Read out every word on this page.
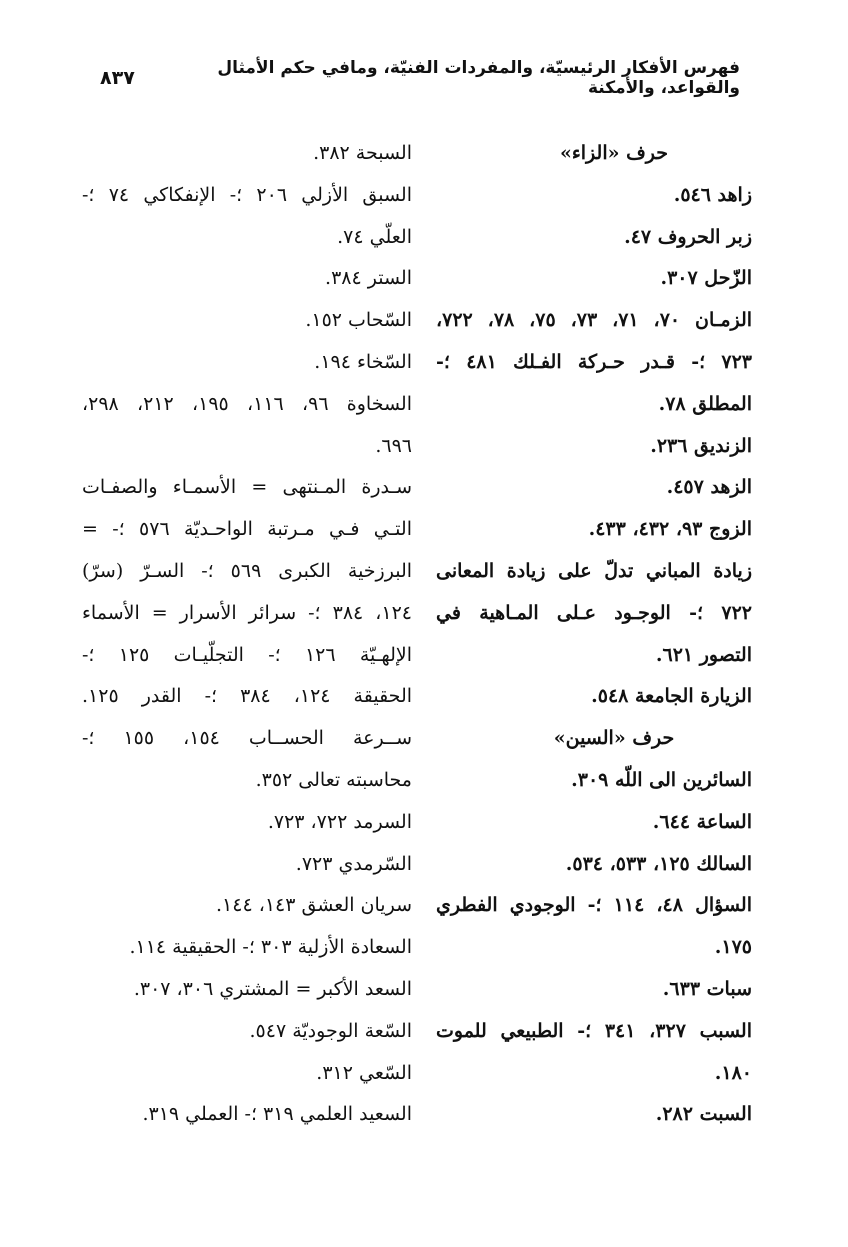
فهرس الأفكار الرئيسيّة، والمفردات الفنيّة، ومافي حكم الأمثال والقواعد، والأمكنة
٨٣٧
حرف «الزاء»
زاهد ٥٤٦.
زبر الحروف ٤٧.
الزّحل ٣٠٧.
الزمـان ٧٠، ٧١، ٧٣، ٧٥، ٧٨، ٧٢٢،
٧٢٣ ؛- قـدر حـركة الفـلك ٤٨١ ؛-
المطلق ٧٨.
الزنديق ٢٣٦.
الزهد ٤٥٧.
الزوج ٩٣، ٤٣٢، ٤٣٣.
زيادة المباني تدلّ على زيادة المعانى
٧٢٢ ؛- الوجـود عـلى المـاهية في
التصور ٦٢١.
الزيارة الجامعة ٥٤٨.
حرف «السين»
السائرين الى اللّه ٣٠٩.
الساعة ٦٤٤.
السالك ١٢٥، ٥٣٣، ٥٣٤.
السؤال ٤٨، ١١٤ ؛- الوجودي الفطري
١٧٥.
سبات ٦٣٣.
السبب ٣٢٧، ٣٤١ ؛- الطبيعي للموت
١٨٠.
السبت ٢٨٢.
السبحة ٣٨٢.
السبق الأزلي ٢٠٦ ؛- الإنفكاكي ٧٤ ؛-
العلّي ٧٤.
الستر ٣٨٤.
السّحاب ١٥٢.
السّخاء ١٩٤.
السخاوة ٩٦، ١١٦، ١٩٥، ٢١٢، ٢٩٨،
٦٩٦.
سـدرة المـنتهى = الأسمـاء والصفـات
التـي فـي مـرتبة الواحـديّة ٥٧٦ ؛- =
البرزخية الكبرى ٥٦٩ ؛- السـرّ (سرّ)
١٢٤، ٣٨٤ ؛- سرائر الأسرار = الأسماء
الإلهـيّة ١٢٦ ؛- التجلّيـات ١٢٥ ؛-
الحقيقة ١٢٤، ٣٨٤ ؛- القدر ١٢٥.
ســرعة الحســاب ١٥٤، ١٥٥ ؛-
محاسبته تعالى ٣٥٢.
السرمد ٧٢٢، ٧٢٣.
السّرمدي ٧٢٣.
سريان العشق ١٤٣، ١٤٤.
السعادة الأزلية ٣٠٣ ؛- الحقيقية ١١٤.
السعد الأكبر = المشتري ٣٠٦، ٣٠٧.
السّعة الوجوديّة ٥٤٧.
السّعي ٣١٢.
السعيد العلمي ٣١٩ ؛- العملي ٣١٩.
